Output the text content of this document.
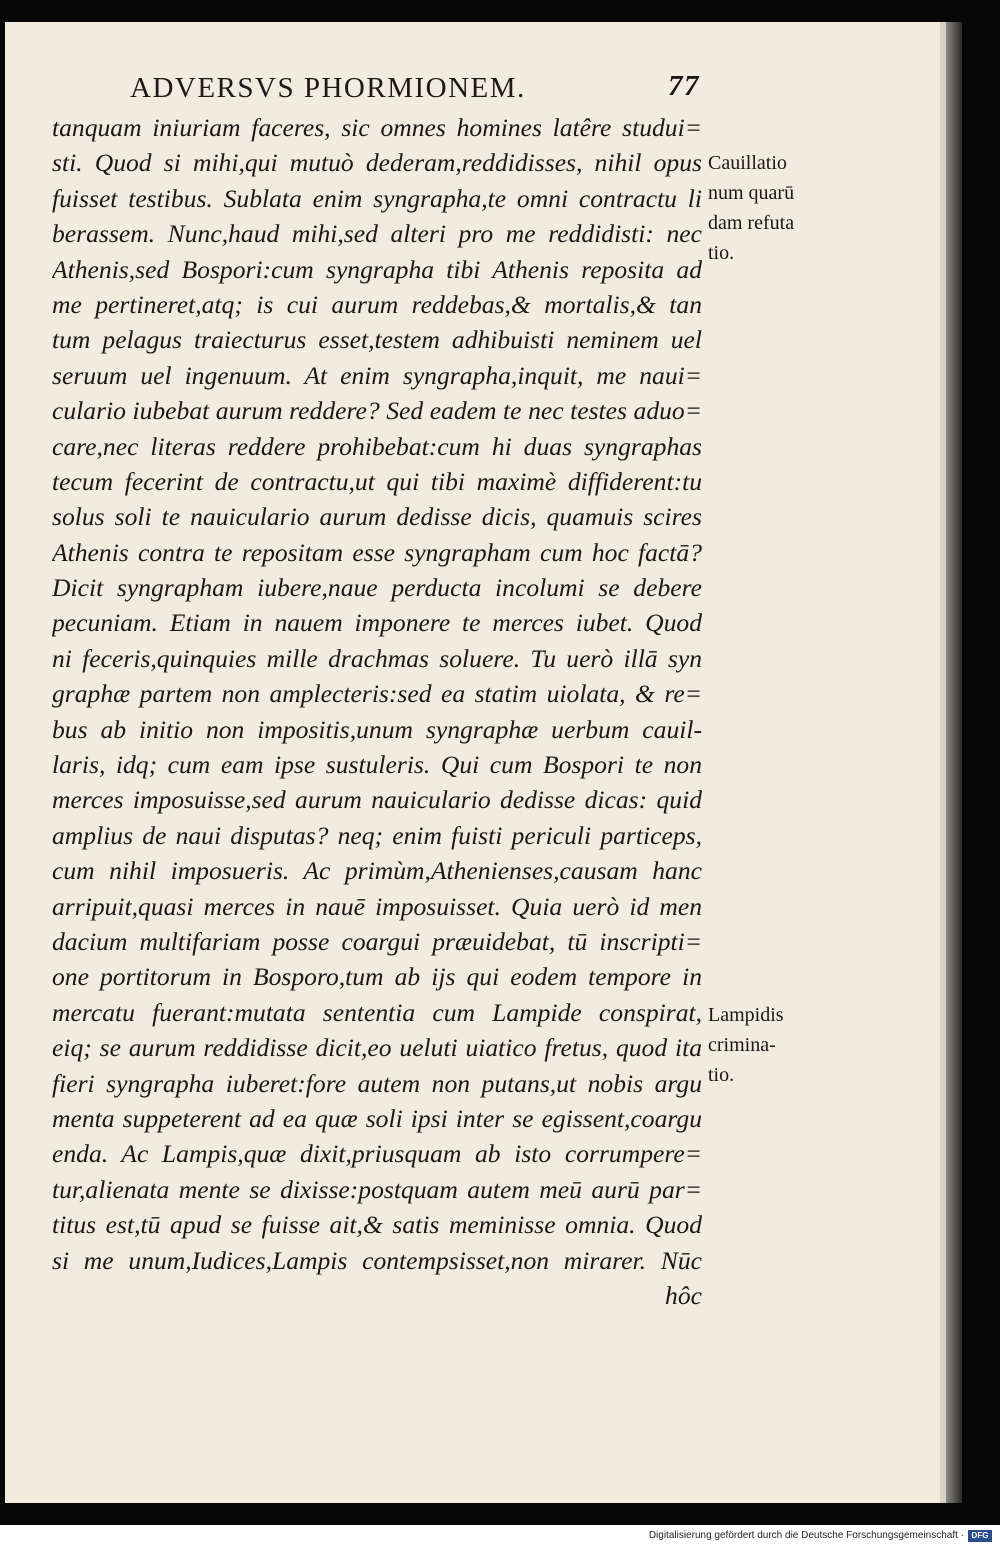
ADVERSVS PHORMIONEM.	77
tanquam iniuriam faceres, sic omnes homines latêre studui=
sti. Quod si mihi,qui mutuò dederam,reddidisses, nihil opus
fuisset testibus. Sublata enim syngrapha,te omni contractu li
berassem. Nunc,haud mihi,sed alteri pro me reddidisti: nec
Athenis,sed Bospori:cum syngrapha tibi Athenis reposita ad
me pertineret,atq; is cui aurum reddebas,& mortalis,& tan
tum pelagus traiecturus esset,testem adhibuisti neminem uel
seruum uel ingenuum. At enim syngrapha,inquit, me naui=
culario iubebat aurum reddere? Sed eadem te nec testes aduo=
care,nec literas reddere prohibebat:cum hi duas syngraphas
tecum fecerint de contractu,ut qui tibi maximè diffiderent:tu
solus soli te nauiculario aurum dedisse dicis, quamuis scires
Athenis contra te repositam esse syngrapham cum hoc factā?
Dicit syngrapham iubere,naue perducta incolumi se debere
pecuniam. Etiam in nauem imponere te merces iubet. Quod
ni feceris,quinquies mille drachmas soluere. Tu uerò illā syn
graphæ partem non amplecteris:sed ea statim uiolata, & re=
bus ab initio non impositis,unum syngraphæ uerbum cauil-
laris, idq; cum eam ipse sustuleris. Qui cum Bospori te non
merces imposuisse,sed aurum nauiculario dedisse dicas: quid
amplius de naui disputas? neq; enim fuisti periculi particeps,
cum nihil imposueris. Ac primùm,Athenienses,causam hanc
arripuit,quasi merces in nauē imposuisset. Quia uerò id men
dacium multifariam posse coargui præuidebat, tū inscripti=
one portitorum in Bosporo,tum ab ijs qui eodem tempore in
mercatu fuerant:mutata sententia cum Lampide conspirat,
eiq; se aurum reddidisse dicit,eo ueluti uiatico fretus, quod ita
fieri syngrapha iuberet:fore autem non putans,ut nobis argu
menta suppeterent ad ea quæ soli ipsi inter se egissent,coargu
enda. Ac Lampis,quæ dixit,priusquam ab isto corrumpere=
tur,alienata mente se dixisse:postquam autem meū aurū par=
titus est,tū apud se fuisse ait,& satis meminisse omnia. Quod
si me unum,Iudices,Lampis contempsisset,non mirarer. Nūc
hôc
Cauillatio
num quarū
dam refuta
tio.
Lampidis
crimina-
tio.
Digitalisierung gefördert durch die Deutsche Forschungsgemeinschaft · DFG
